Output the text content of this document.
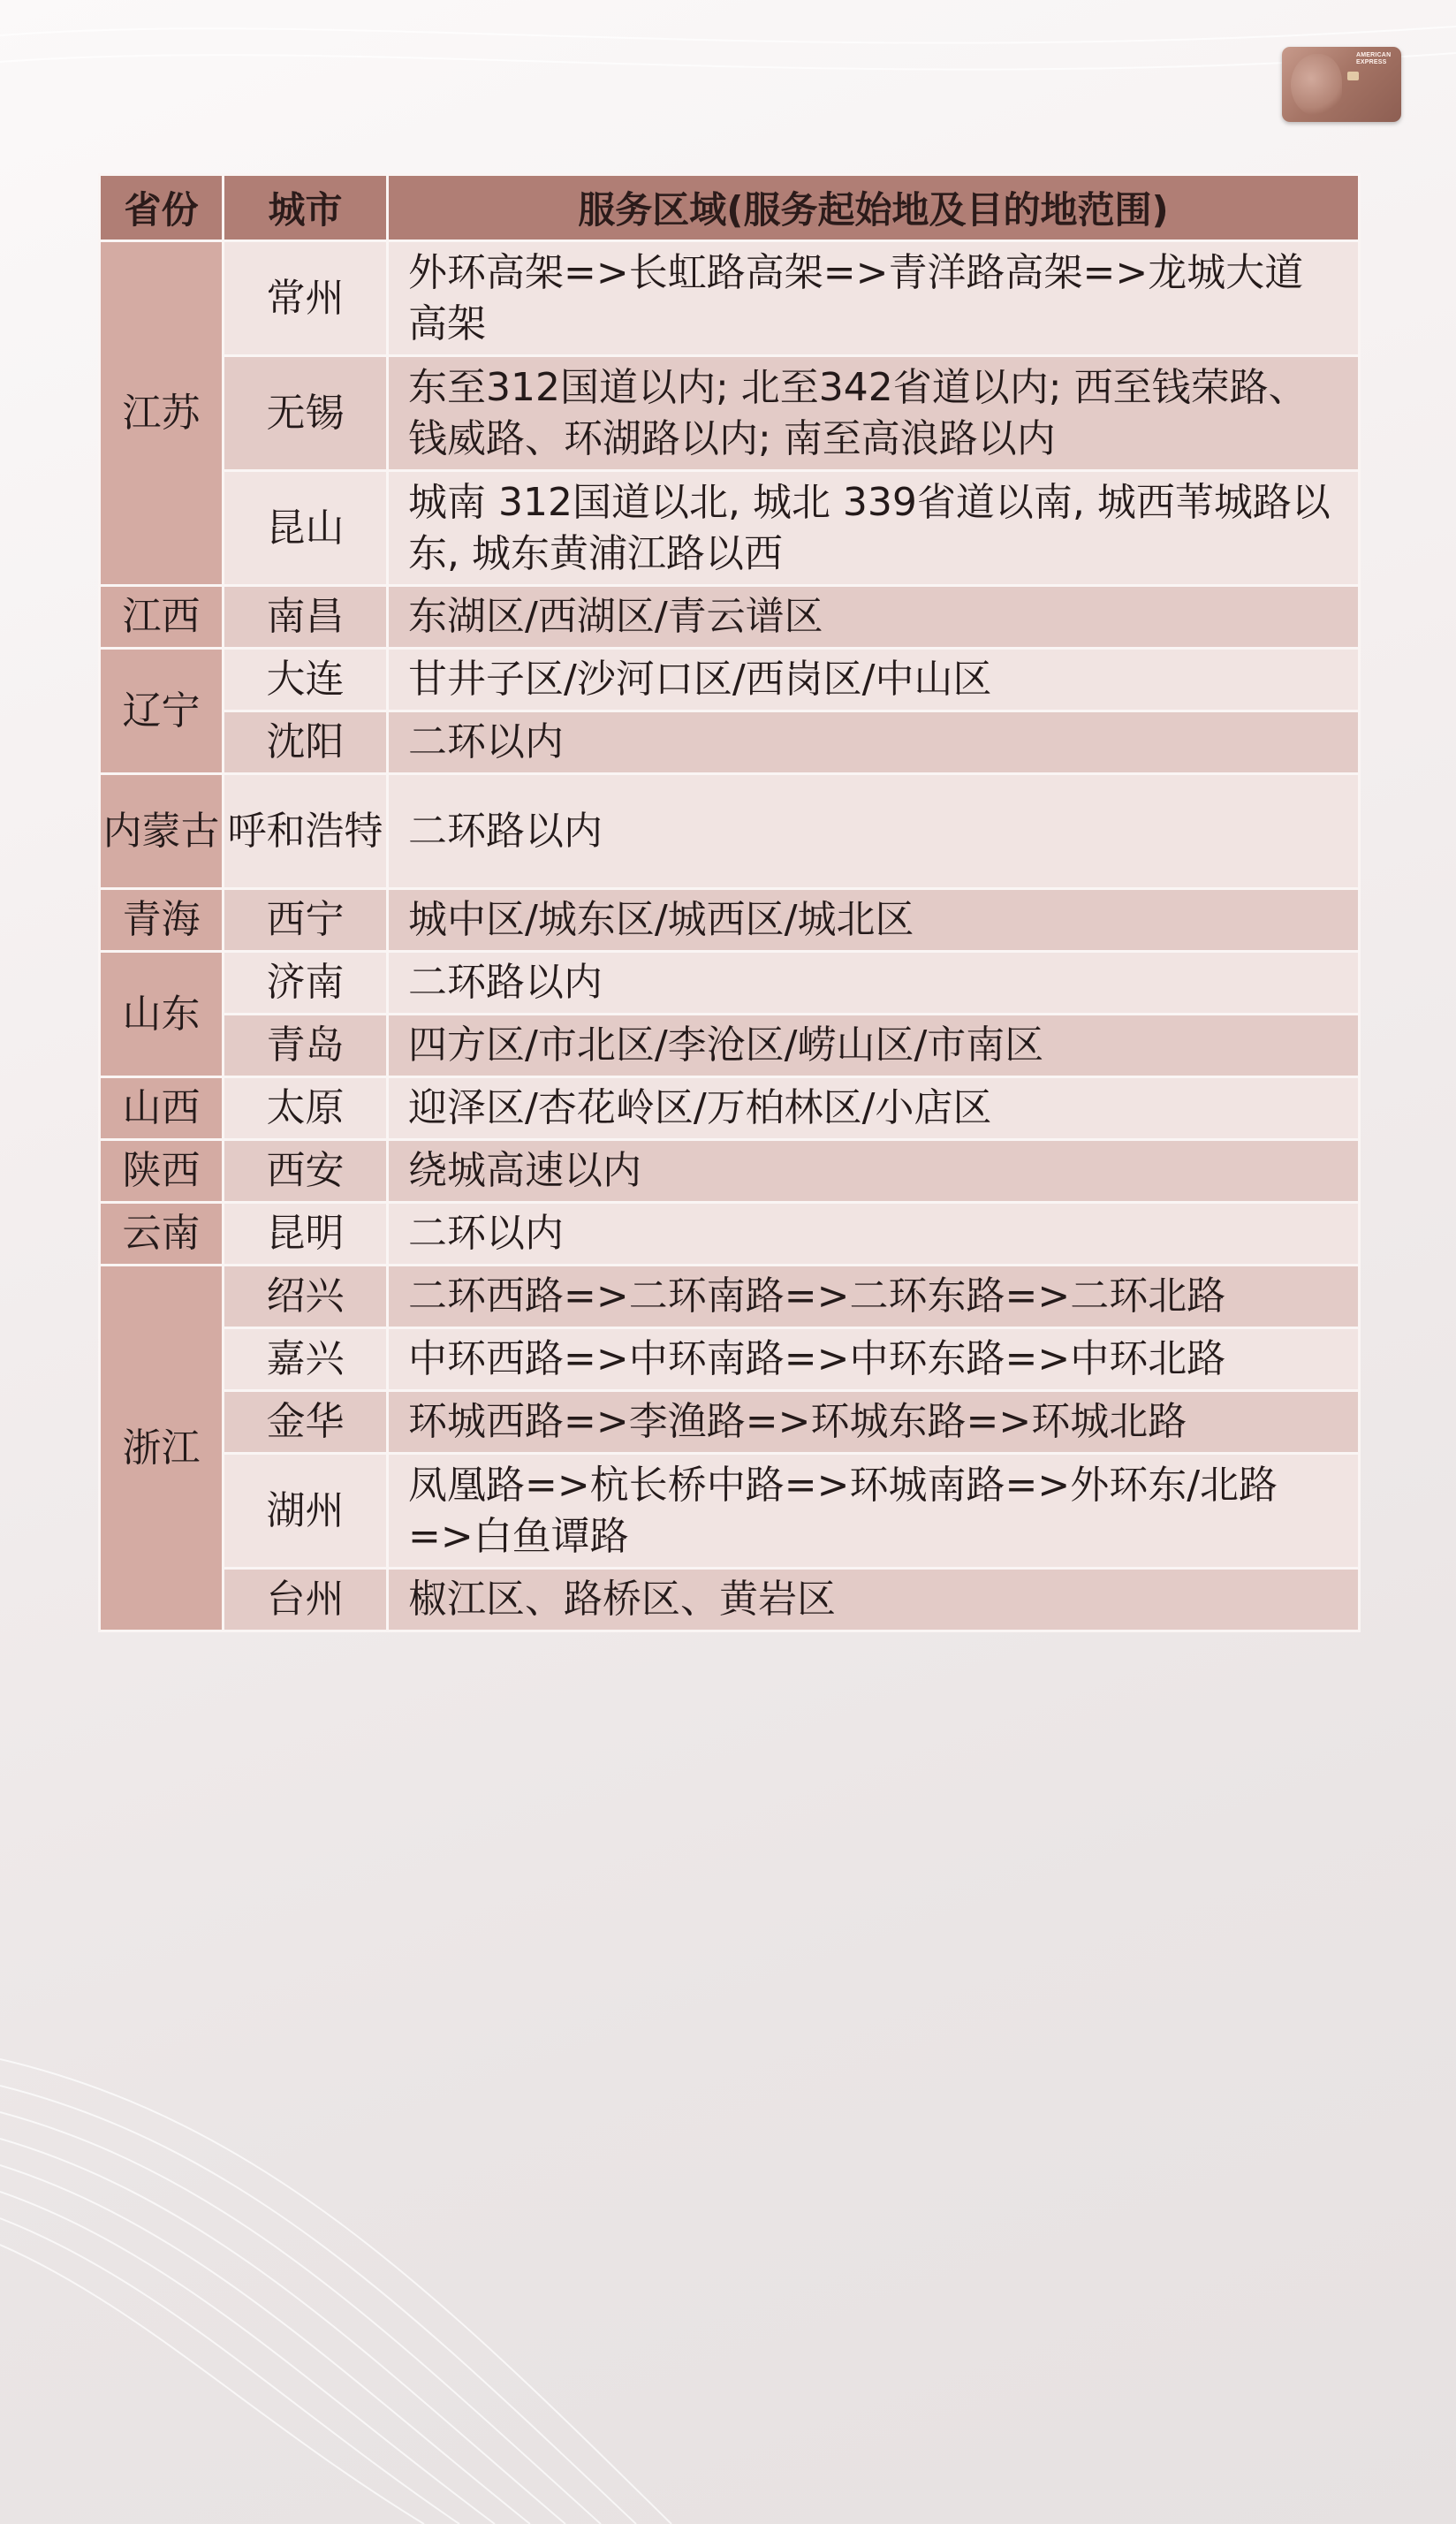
AMERICAN
EXPRESS
省份	城市	服务区域(服务起始地及目的地范围)
江苏	常州	外环高架=>长虹路高架=>青洋路高架=>龙城大道高架
	无锡	东至312国道以内; 北至342省道以内; 西至钱荣路、钱威路、环湖路以内; 南至高浪路以内
	昆山	城南 312国道以北, 城北 339省道以南, 城西苇城路以东, 城东黄浦江路以西
江西	南昌	东湖区/西湖区/青云谱区
辽宁	大连	甘井子区/沙河口区/西岗区/中山区
	沈阳	二环以内
内蒙古	呼和浩特	二环路以内
青海	西宁	城中区/城东区/城西区/城北区
山东	济南	二环路以内
	青岛	四方区/市北区/李沧区/崂山区/市南区
山西	太原	迎泽区/杏花岭区/万柏林区/小店区
陕西	西安	绕城高速以内
云南	昆明	二环以内
浙江	绍兴	二环西路=>二环南路=>二环东路=>二环北路
	嘉兴	中环西路=>中环南路=>中环东路=>中环北路
	金华	环城西路=>李渔路=>环城东路=>环城北路
	湖州	凤凰路=>杭长桥中路=>环城南路=>外环东/北路=>白鱼谭路
	台州	椒江区、路桥区、黄岩区
